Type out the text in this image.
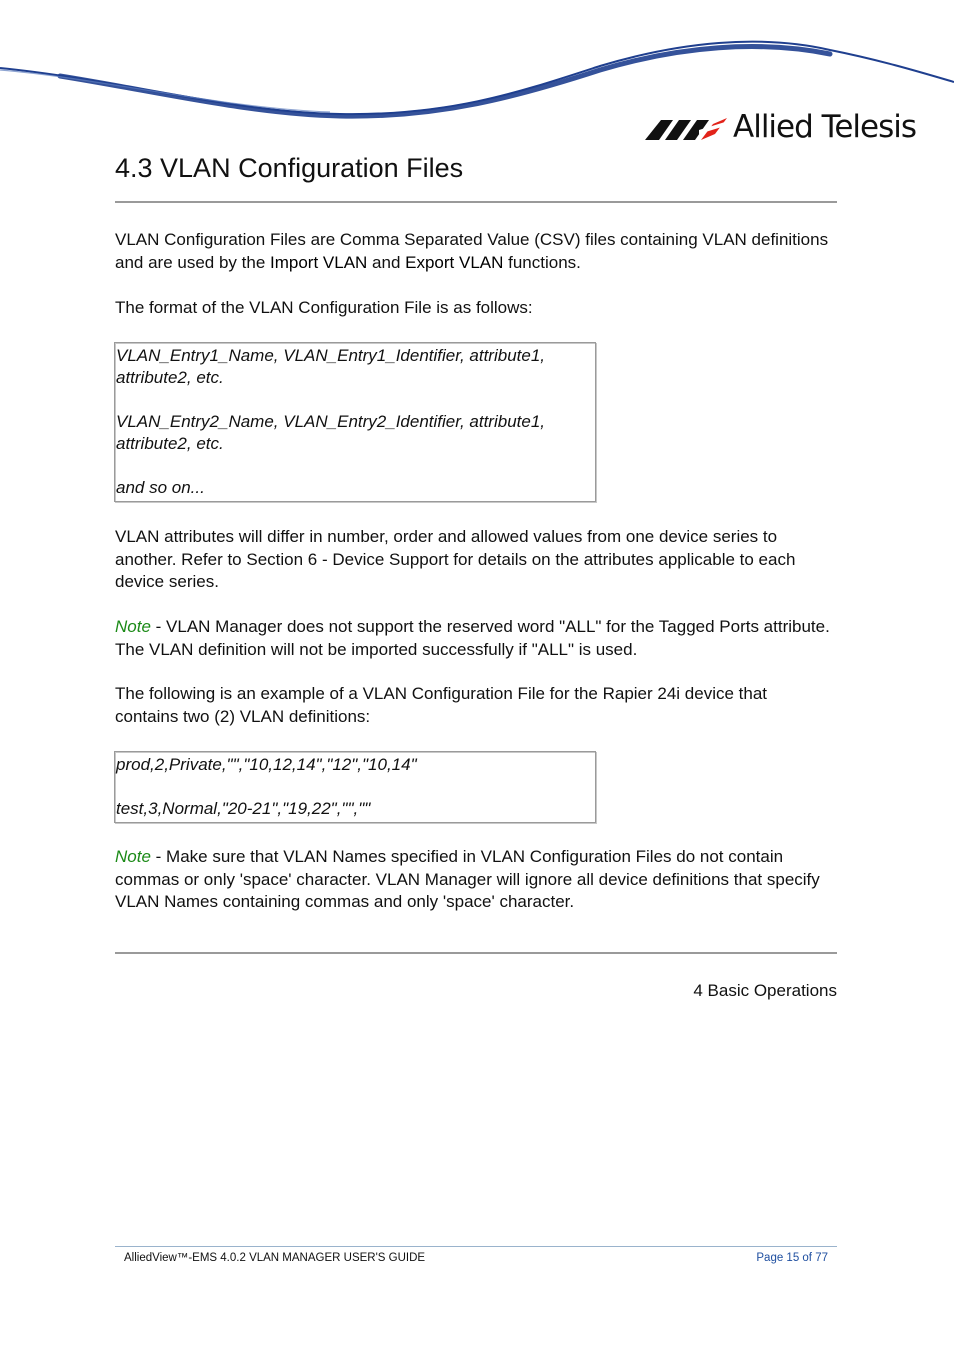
Allied Telesis
4.3 VLAN Configuration Files

VLAN Configuration Files are Comma Separated Value (CSV) files containing VLAN definitions and are used by the Import VLAN and Export VLAN functions.

The format of the VLAN Configuration File is as follows:

VLAN_Entry1_Name, VLAN_Entry1_Identifier, attribute1, attribute2, etc.

VLAN_Entry2_Name, VLAN_Entry2_Identifier, attribute1, attribute2, etc.

and so on...

VLAN attributes will differ in number, order and allowed values from one device series to another. Refer to Section 6 - Device Support for details on the attributes applicable to each device series.

Note - VLAN Manager does not support the reserved word "ALL" for the Tagged Ports attribute. The VLAN definition will not be imported successfully if "ALL" is used.

The following is an example of a VLAN Configuration File for the Rapier 24i device that contains two (2) VLAN definitions:

prod,2,Private,"","10,12,14","12","10,14"

test,3,Normal,"20-21","19,22","",""

Note - Make sure that VLAN Names specified in VLAN Configuration Files do not contain commas or only 'space' character. VLAN Manager will ignore all device definitions that specify VLAN Names containing commas and only 'space' character.

4 Basic Operations
AlliedView™-EMS 4.0.2 VLAN MANAGER USER'S GUIDE	Page 15 of 77
